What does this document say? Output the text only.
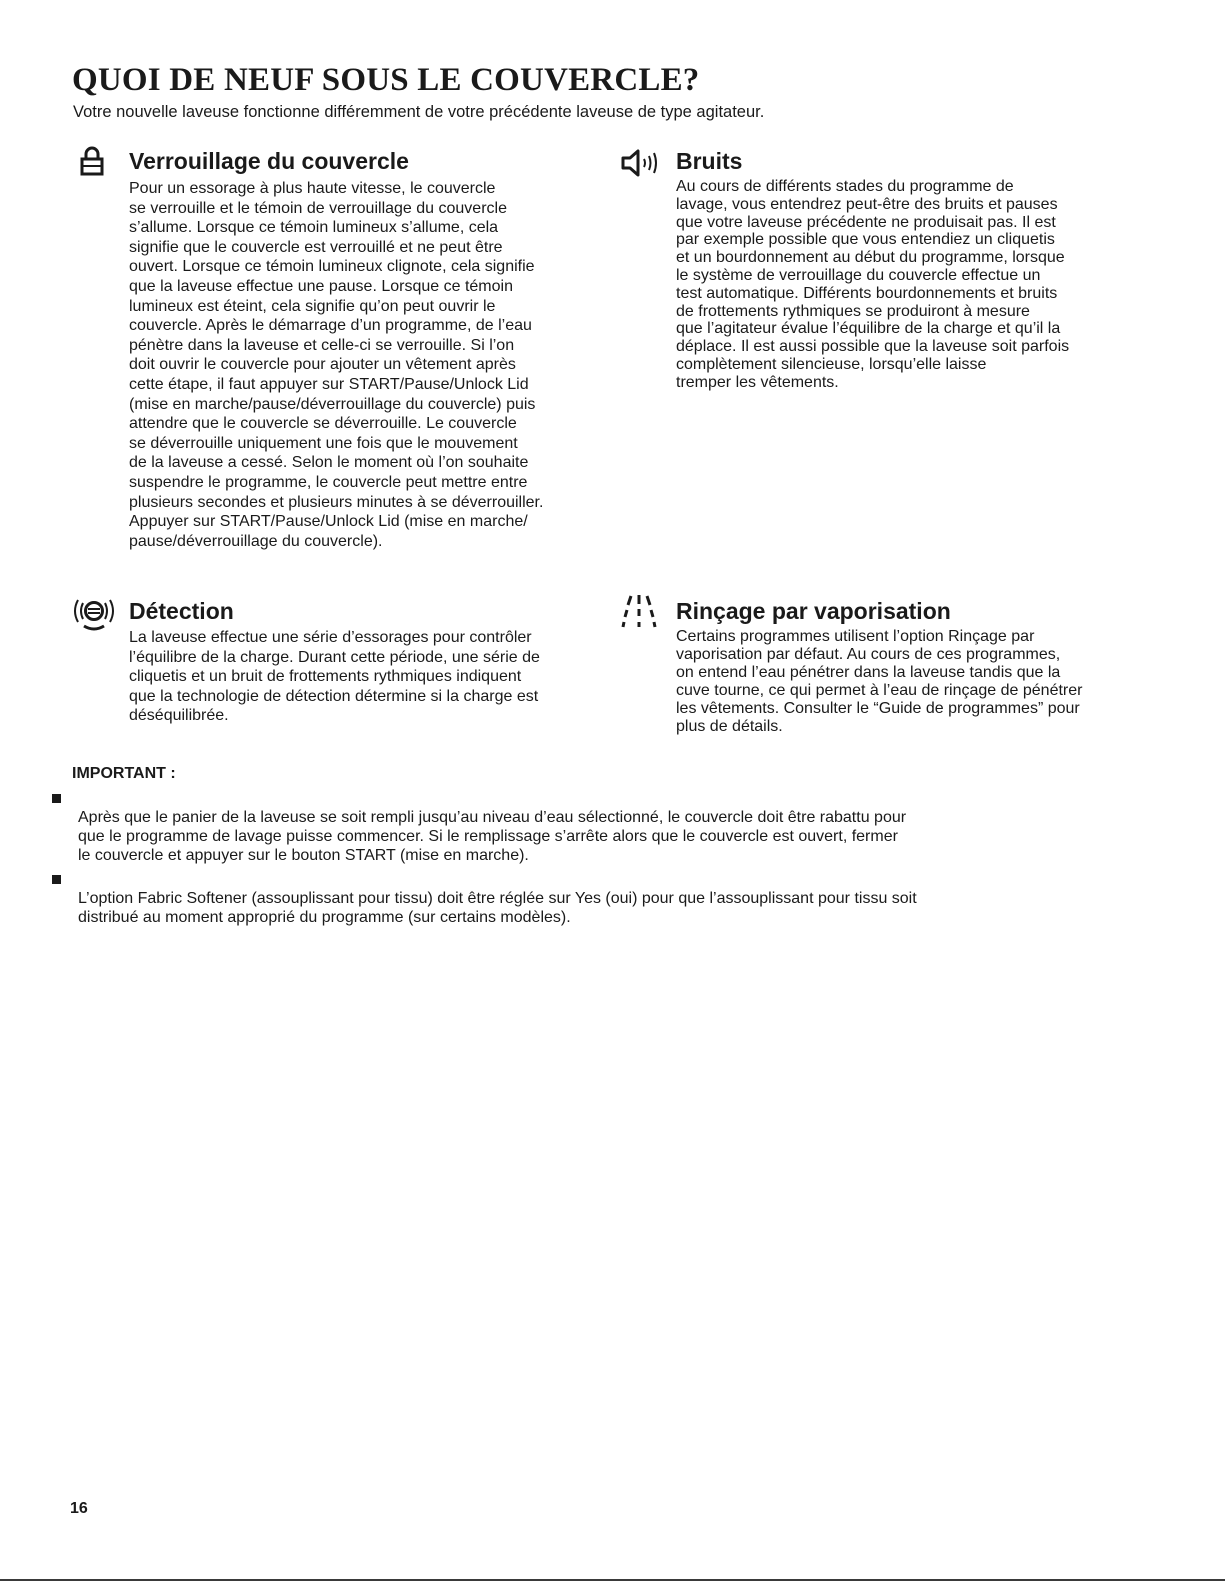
QUOI DE NEUF SOUS LE COUVERCLE?

Votre nouvelle laveuse fonctionne différemment de votre précédente laveuse de type agitateur.

Verrouillage du couvercle

Pour un essorage à plus haute vitesse, le couvercle
se verrouille et le témoin de verrouillage du couvercle
s’allume. Lorsque ce témoin lumineux s’allume, cela
signifie que le couvercle est verrouillé et ne peut être
ouvert. Lorsque ce témoin lumineux clignote, cela signifie
que la laveuse effectue une pause. Lorsque ce témoin
lumineux est éteint, cela signifie qu’on peut ouvrir le
couvercle. Après le démarrage d’un programme, de l’eau
pénètre dans la laveuse et celle-ci se verrouille. Si l’on
doit ouvrir le couvercle pour ajouter un vêtement après
cette étape, il faut appuyer sur START/Pause/Unlock Lid
(mise en marche/pause/déverrouillage du couvercle) puis
attendre que le couvercle se déverrouille. Le couvercle
se déverrouille uniquement une fois que le mouvement
de la laveuse a cessé. Selon le moment où l’on souhaite
suspendre le programme, le couvercle peut mettre entre
plusieurs secondes et plusieurs minutes à se déverrouiller.
Appuyer sur START/Pause/Unlock Lid (mise en marche/
pause/déverrouillage du couvercle).

Bruits

Au cours de différents stades du programme de
lavage, vous entendrez peut-être des bruits et pauses
que votre laveuse précédente ne produisait pas. Il est
par exemple possible que vous entendiez un cliquetis
et un bourdonnement au début du programme, lorsque
le système de verrouillage du couvercle effectue un
test automatique. Différents bourdonnements et bruits
de frottements rythmiques se produiront à mesure
que l’agitateur évalue l’équilibre de la charge et qu’il la
déplace. Il est aussi possible que la laveuse soit parfois
complètement silencieuse, lorsqu’elle laisse
tremper les vêtements.

Détection

La laveuse effectue une série d’essorages pour contrôler
l’équilibre de la charge. Durant cette période, une série de
cliquetis et un bruit de frottements rythmiques indiquent
que la technologie de détection détermine si la charge est
déséquilibrée.

Rinçage par vaporisation

Certains programmes utilisent l’option Rinçage par
vaporisation par défaut. Au cours de ces programmes,
on entend l’eau pénétrer dans la laveuse tandis que la
cuve tourne, ce qui permet à l’eau de rinçage de pénétrer
les vêtements. Consulter le “Guide de programmes” pour
plus de détails.

IMPORTANT :

Après que le panier de la laveuse se soit rempli jusqu’au niveau d’eau sélectionné, le couvercle doit être rabattu pour
que le programme de lavage puisse commencer. Si le remplissage s’arrête alors que le couvercle est ouvert, fermer
le couvercle et appuyer sur le bouton START (mise en marche).

L’option Fabric Softener (assouplissant pour tissu) doit être réglée sur Yes (oui) pour que l’assouplissant pour tissu soit
distribué au moment approprié du programme (sur certains modèles).

16
